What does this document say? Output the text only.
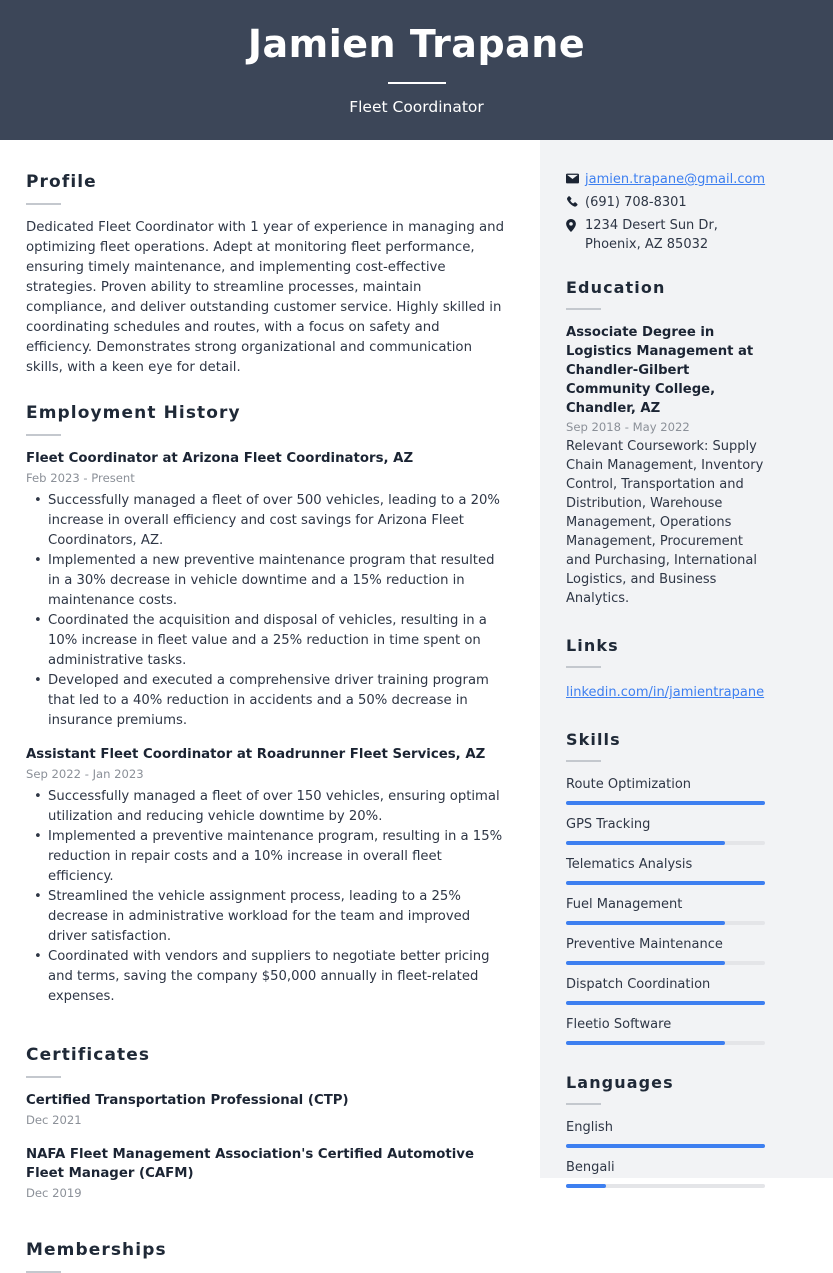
Jamien Trapane
Fleet Coordinator
Profile
Dedicated Fleet Coordinator with 1 year of experience in managing and optimizing fleet operations. Adept at monitoring fleet performance, ensuring timely maintenance, and implementing cost-effective strategies. Proven ability to streamline processes, maintain compliance, and deliver outstanding customer service. Highly skilled in coordinating schedules and routes, with a focus on safety and efficiency. Demonstrates strong organizational and communication skills, with a keen eye for detail.
Employment History
Fleet Coordinator at Arizona Fleet Coordinators, AZ
Feb 2023 - Present
• Successfully managed a fleet of over 500 vehicles, leading to a 20% increase in overall efficiency and cost savings for Arizona Fleet Coordinators, AZ.
• Implemented a new preventive maintenance program that resulted in a 30% decrease in vehicle downtime and a 15% reduction in maintenance costs.
• Coordinated the acquisition and disposal of vehicles, resulting in a 10% increase in fleet value and a 25% reduction in time spent on administrative tasks.
• Developed and executed a comprehensive driver training program that led to a 40% reduction in accidents and a 50% decrease in insurance premiums.
Assistant Fleet Coordinator at Roadrunner Fleet Services, AZ
Sep 2022 - Jan 2023
• Successfully managed a fleet of over 150 vehicles, ensuring optimal utilization and reducing vehicle downtime by 20%.
• Implemented a preventive maintenance program, resulting in a 15% reduction in repair costs and a 10% increase in overall fleet efficiency.
• Streamlined the vehicle assignment process, leading to a 25% decrease in administrative workload for the team and improved driver satisfaction.
• Coordinated with vendors and suppliers to negotiate better pricing and terms, saving the company $50,000 annually in fleet-related expenses.
Certificates
Certified Transportation Professional (CTP)
Dec 2021
NAFA Fleet Management Association's Certified Automotive Fleet Manager (CAFM)
Dec 2019
Memberships
jamien.trapane@gmail.com
(691) 708-8301
1234 Desert Sun Dr, Phoenix, AZ 85032
Education
Associate Degree in Logistics Management at Chandler-Gilbert Community College, Chandler, AZ
Sep 2018 - May 2022
Relevant Coursework: Supply Chain Management, Inventory Control, Transportation and Distribution, Warehouse Management, Operations Management, Procurement and Purchasing, International Logistics, and Business Analytics.
Links
linkedin.com/in/jamientrapane
Skills
Route Optimization
GPS Tracking
Telematics Analysis
Fuel Management
Preventive Maintenance
Dispatch Coordination
Fleetio Software
Languages
English
Bengali
